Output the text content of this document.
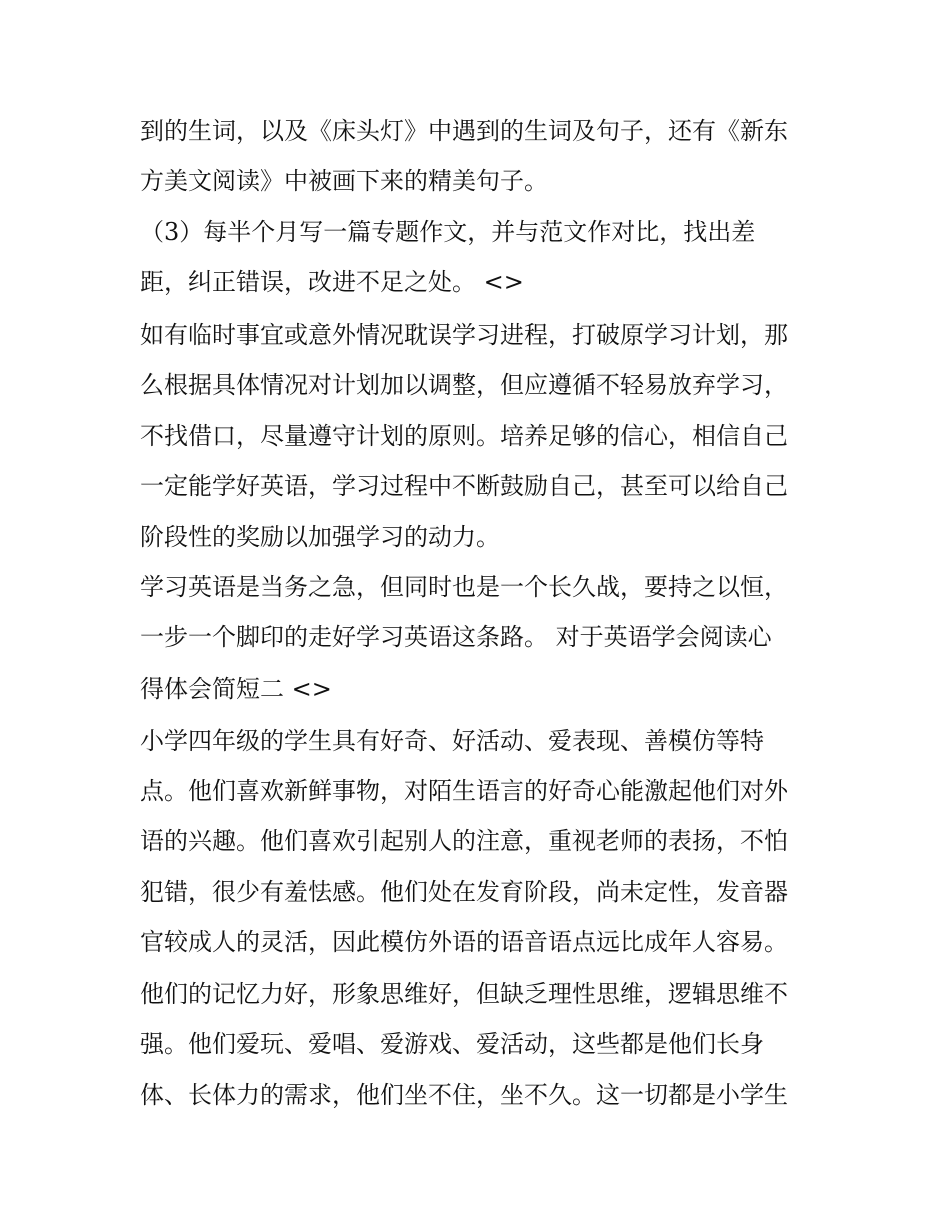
到的生词，以及《床头灯》中遇到的生词及句子，还有《新东
方美文阅读》中被画下来的精美句子。
（3）每半个月写一篇专题作文，并与范文作对比，找出差
距，纠正错误，改进不足之处。 <>
如有临时事宜或意外情况耽误学习进程，打破原学习计划，那
么根据具体情况对计划加以调整，但应遵循不轻易放弃学习，
不找借口，尽量遵守计划的原则。培养足够的信心，相信自己
一定能学好英语，学习过程中不断鼓励自己，甚至可以给自己
阶段性的奖励以加强学习的动力。
学习英语是当务之急，但同时也是一个长久战，要持之以恒，
一步一个脚印的走好学习英语这条路。 对于英语学会阅读心
得体会简短二 <>
小学四年级的学生具有好奇、好活动、爱表现、善模仿等特
点。他们喜欢新鲜事物，对陌生语言的好奇心能激起他们对外
语的兴趣。他们喜欢引起别人的注意，重视老师的表扬，不怕
犯错，很少有羞怯感。他们处在发育阶段，尚未定性，发音器
官较成人的灵活，因此模仿外语的语音语点远比成年人容易。
他们的记忆力好，形象思维好，但缺乏理性思维，逻辑思维不
强。他们爱玩、爱唱、爱游戏、爱活动，这些都是他们长身
体、长体力的需求，他们坐不住，坐不久。这一切都是小学生
